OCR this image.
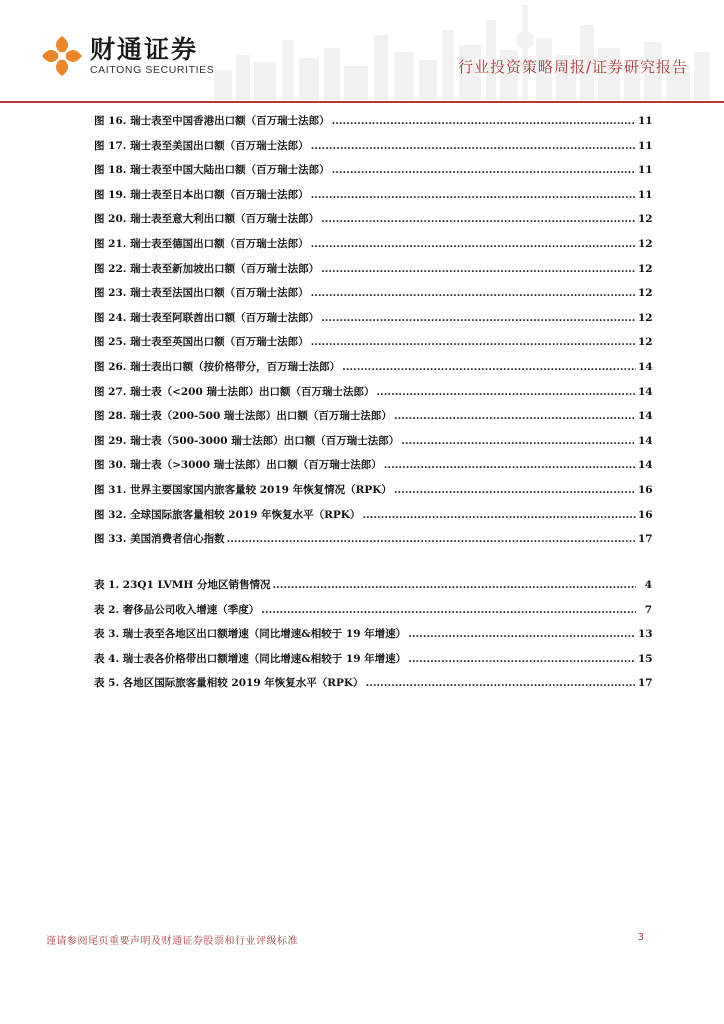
财通证券
CAITONG SECURITIES	行业投资策略周报/证券研究报告
图 16. 瑞士表至中国香港出口额（百万瑞士法郎） .....	11
图 17. 瑞士表至美国出口额（百万瑞士法郎） .....	11
图 18. 瑞士表至中国大陆出口额（百万瑞士法郎） .....	11
图 19. 瑞士表至日本出口额（百万瑞士法郎） .....	11
图 20. 瑞士表至意大利出口额（百万瑞士法郎） .....	12
图 21. 瑞士表至德国出口额（百万瑞士法郎） .....	12
图 22. 瑞士表至新加坡出口额（百万瑞士法郎） .....	12
图 23. 瑞士表至法国出口额（百万瑞士法郎） .....	12
图 24. 瑞士表至阿联酋出口额（百万瑞士法郎） .....	12
图 25. 瑞士表至英国出口额（百万瑞士法郎） .....	12
图 26. 瑞士表出口额（按价格带分，百万瑞士法郎） .....	14
图 27. 瑞士表（<200 瑞士法郎）出口额（百万瑞士法郎） .....	14
图 28. 瑞士表（200-500 瑞士法郎）出口额（百万瑞士法郎） .....	14
图 29. 瑞士表（500-3000 瑞士法郎）出口额（百万瑞士法郎） .....	14
图 30. 瑞士表（>3000 瑞士法郎）出口额（百万瑞士法郎） .....	14
图 31. 世界主要国家国内旅客量较 2019 年恢复情况（RPK） .....	16
图 32. 全球国际旅客量相较 2019 年恢复水平（RPK） .....	16
图 33. 美国消费者信心指数 .....	17
表 1. 23Q1 LVMH 分地区销售情况 .....	4
表 2. 奢侈品公司收入增速（季度） .....	7
表 3. 瑞士表至各地区出口额增速（同比增速&相较于 19 年增速） .....	13
表 4. 瑞士表各价格带出口额增速（同比增速&相较于 19 年增速） .....	15
表 5. 各地区国际旅客量相较 2019 年恢复水平（RPK） .....	17
谨请参阅尾页重要声明及财通证券股票和行业评级标准	3
